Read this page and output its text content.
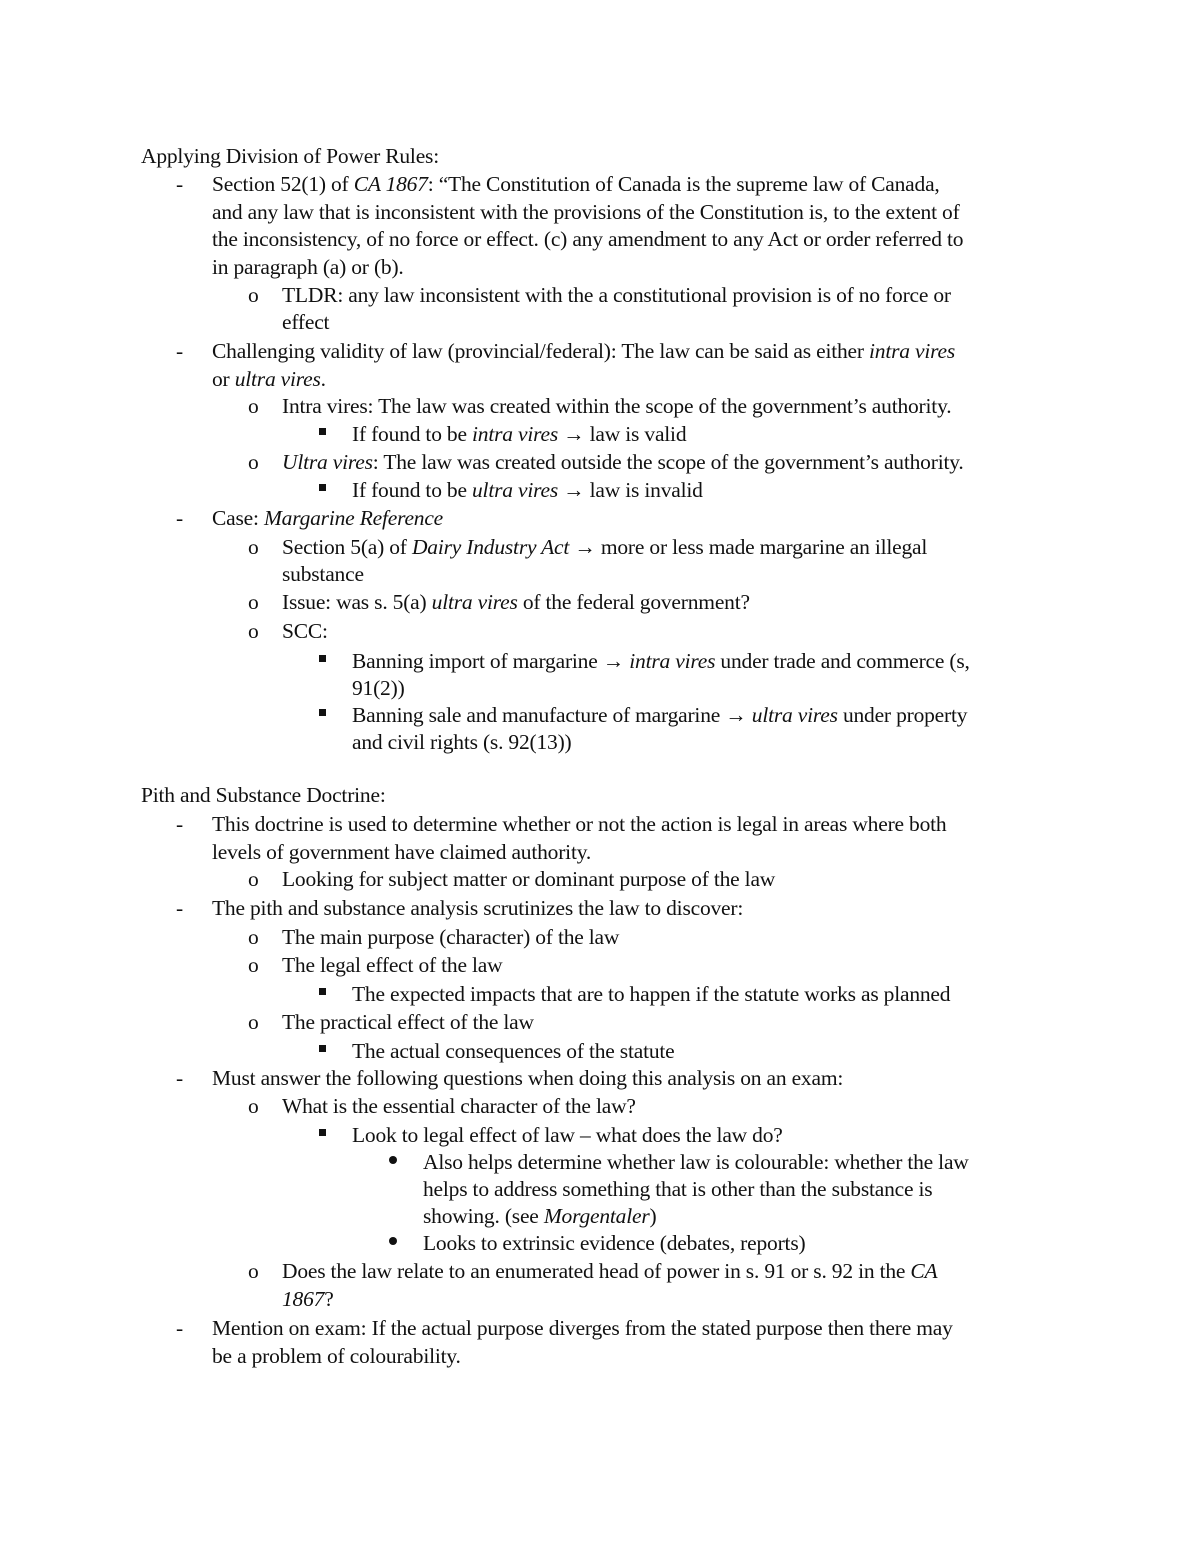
Applying Division of Power Rules:
- Section 52(1) of CA 1867: “The Constitution of Canada is the supreme law of Canada,
and any law that is inconsistent with the provisions of the Constitution is, to the extent of
the inconsistency, of no force or effect. (c) any amendment to any Act or order referred to
in paragraph (a) or (b).
o TLDR: any law inconsistent with the a constitutional provision is of no force or
effect
- Challenging validity of law (provincial/federal): The law can be said as either intra vires
or ultra vires.
o Intra vires: The law was created within the scope of the government’s authority.
If found to be intra vires → law is valid
o Ultra vires: The law was created outside the scope of the government’s authority.
If found to be ultra vires → law is invalid
- Case: Margarine Reference
o Section 5(a) of Dairy Industry Act → more or less made margarine an illegal
substance
o Issue: was s. 5(a) ultra vires of the federal government?
o SCC:
Banning import of margarine → intra vires under trade and commerce (s,
91(2))
Banning sale and manufacture of margarine → ultra vires under property
and civil rights (s. 92(13))
Pith and Substance Doctrine:
- This doctrine is used to determine whether or not the action is legal in areas where both
levels of government have claimed authority.
o Looking for subject matter or dominant purpose of the law
- The pith and substance analysis scrutinizes the law to discover:
o The main purpose (character) of the law
o The legal effect of the law
The expected impacts that are to happen if the statute works as planned
o The practical effect of the law
The actual consequences of the statute
- Must answer the following questions when doing this analysis on an exam:
o What is the essential character of the law?
Look to legal effect of law – what does the law do?
Also helps determine whether law is colourable: whether the law
helps to address something that is other than the substance is
showing. (see Morgentaler)
Looks to extrinsic evidence (debates, reports)
o Does the law relate to an enumerated head of power in s. 91 or s. 92 in the CA
1867?
- Mention on exam: If the actual purpose diverges from the stated purpose then there may
be a problem of colourability.
